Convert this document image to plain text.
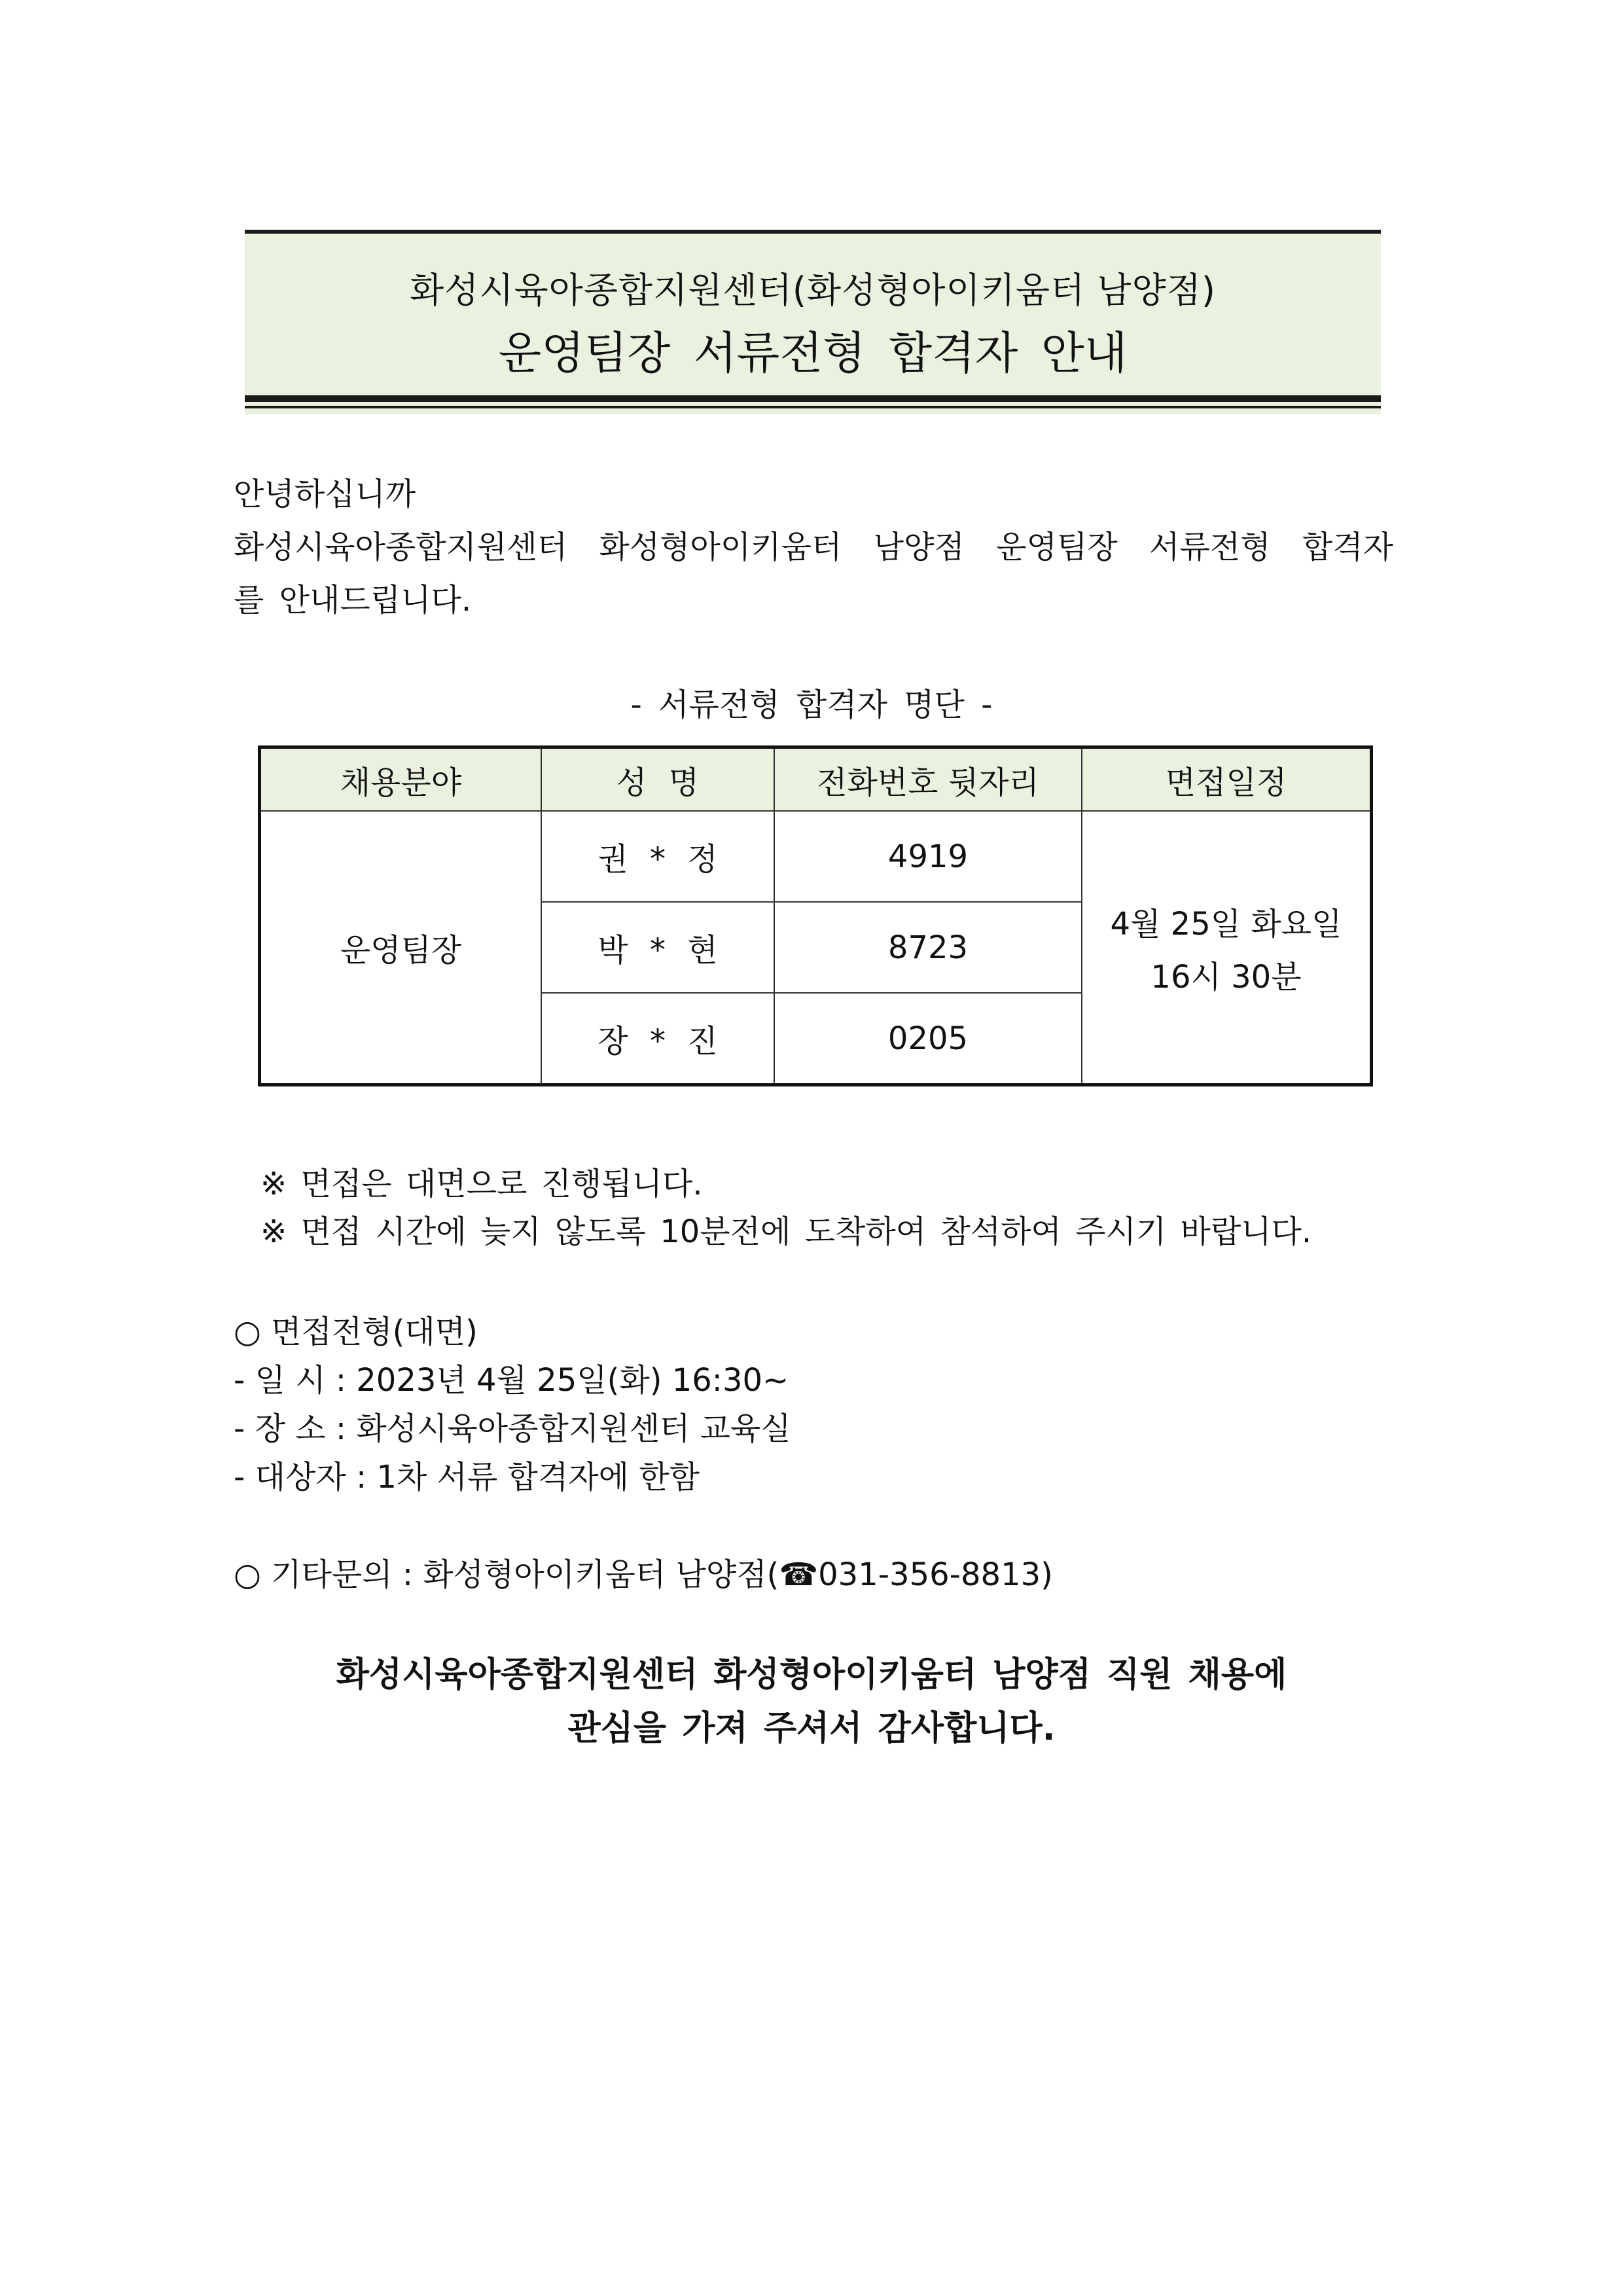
화성시육아종합지원센터(화성형아이키움터 남양점)
운영팀장 서류전형 합격자 안내
안녕하십니까
화성시육아종합지원센터 화성형아이키움터 남양점 운영팀장 서류전형 합격자
를 안내드립니다.
- 서류전형 합격자 명단 -
채용분야	성 명	전화번호 뒷자리	면접일정
운영팀장	권 * 정	4919	4월 25일 화요일
16시 30분

	박 * 현	8723	
	장 * 진	0205	
※ 면접은 대면으로 진행됩니다.
※ 면접 시간에 늦지 않도록 10분전에 도착하여 참석하여 주시기 바랍니다.
○ 면접전형(대면)
- 일 시 : 2023년 4월 25일(화) 16:30~
- 장 소 : 화성시육아종합지원센터 교육실
- 대상자 : 1차 서류 합격자에 한함
○ 기타문의 : 화성형아이키움터 남양점(☎031-356-8813)
화성시육아종합지원센터 화성형아이키움터 남양점 직원 채용에
관심을 가져 주셔서 감사합니다.
